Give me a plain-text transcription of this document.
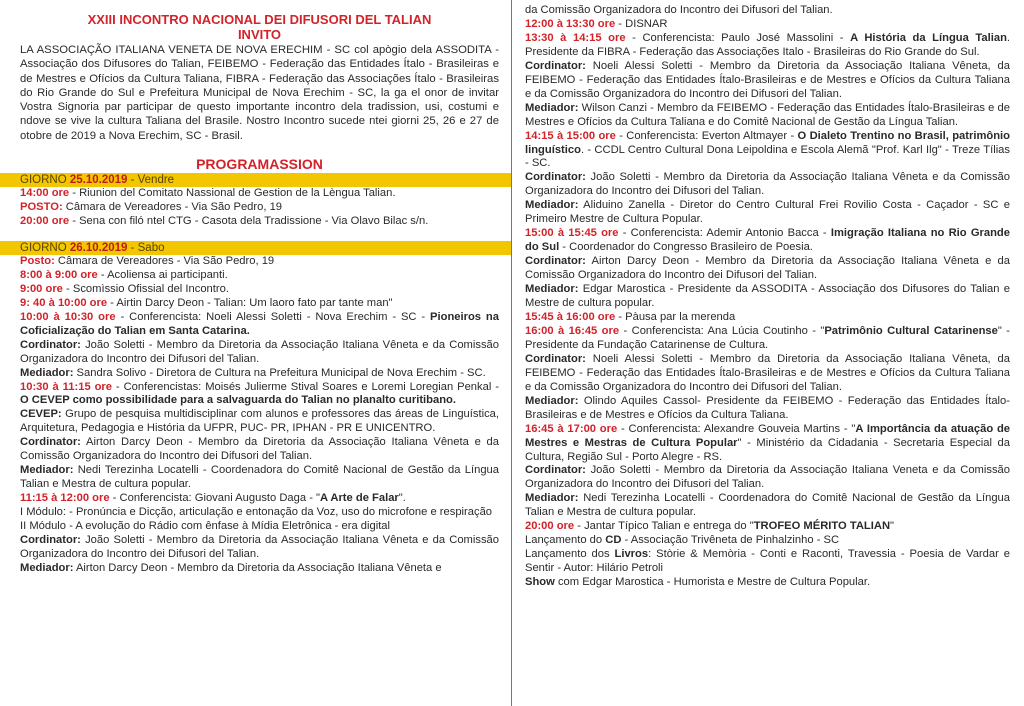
XXIII INCONTRO NACIONAL DEI DIFUSORI DEL TALIAN
INVITO
LA ASSOCIAÇÃO ITALIANA VENETA DE NOVA ERECHIM - SC col apògio dela ASSODITA - Associação dos Difusores do Talian, FEIBEMO - Federação das Entidades Ítalo - Brasileiras e de Mestres e Ofícios da Cultura Taliana, FIBRA - Federação das Associações Ítalo - Brasileiras do Rio Grande do Sul e Prefeitura Municipal de Nova Erechim - SC, la ga el onor de invitar Vostra Signoria par participar de questo importante incontro dela tradission, usi, costumi e ndove se vive la cultura Taliana del Brasile. Nostro Incontro sucede ntei giorni 25, 26 e 27 de otobre de 2019 a Nova Erechim, SC - Brasil.
PROGRAMASSION
GIORNO 25.10.2019 - Vendre
14:00 ore - Riunion del Comitato Nassional de Gestion de la Lèngua Talian.
POSTO: Câmara de Vereadores - Via São Pedro, 19
20:00 ore - Sena con filó ntel CTG - Casota dela Tradissione - Via Olavo Bilac s/n.
GIORNO 26.10.2019 - Sabo
Posto: Câmara de Vereadores - Via São Pedro, 19
8:00 à 9:00 ore - Acoliensa ai participanti.
9:00 ore - Scomìssio Ofissial del Incontro.
9: 40 à 10:00 ore - Airtin Darcy Deon - Talian: Um laoro fato par tante man"
10:00 à 10:30 ore - Conferencista: Noeli Alessi Soletti - Nova Erechim - SC - Pioneiros na Coficialização do Talian em Santa Catarina.
Cordinator: João Soletti - Membro da Diretoria da Associação Italiana Vêneta e da Comissão Organizadora do Incontro dei Difusori del Talian.
Mediador: Sandra Solivo - Diretora de Cultura na Prefeitura Municipal de Nova Erechim - SC.
10:30 à 11:15 ore - Conferencistas: Moisés Julierme Stival Soares e Loremi Loregian Penkal - O CEVEP como possibilidade para a salvaguarda do Talian no planalto curitibano.
CEVEP: Grupo de pesquisa multidisciplinar com alunos e professores das áreas de Linguística, Arquitetura, Pedagogia e História da UFPR, PUC- PR, IPHAN - PR E UNICENTRO.
Cordinator: Airton Darcy Deon - Membro da Diretoria da Associação Italiana Vêneta e da Comissão Organizadora do Incontro dei Difusori del Talian.
Mediador: Nedi Terezinha Locatelli - Coordenadora do Comitê Nacional de Gestão da Língua Talian e Mestra de cultura popular.
11:15 à 12:00 ore - Conferencista: Giovani Augusto Daga - "A Arte de Falar".
I Módulo: - Pronúncia e Dicção, articulação e entonação da Voz, uso do microfone e respiração
II Módulo - A evolução do Rádio com ênfase à Mídia Eletrônica - era digital
Cordinator: João Soletti - Membro da Diretoria da Associação Italiana Vêneta e da Comissão Organizadora do Incontro dei Difusori del Talian.
Mediador: Airton Darcy Deon - Membro da Diretoria da Associação Italiana Vêneta e
da Comissão Organizadora do Incontro dei Difusori del Talian.
12:00 à 13:30 ore - DISNAR
13:30 à 14:15 ore - Conferencista: Paulo José Massolini - A História da Língua Talian. Presidente da FIBRA - Federação das Associações Italo - Brasileiras do Rio Grande do Sul.
Cordinator: Noeli Alessi Soletti - Membro da Diretoria da Associação Italiana Vêneta, da FEIBEMO - Federação das Entidades Ítalo-Brasileiras e de Mestres e Ofícios da Cultura Taliana e da Comissão Organizadora do Incontro dei Difusori del Talian.
Mediador: Wilson Canzi - Membro da FEIBEMO - Federação das Entidades Ítalo-Brasileiras e de Mestres e Ofícios da Cultura Taliana e do Comitê Nacional de Gestão da Língua Talian.
14:15 à 15:00 ore - Conferencista: Everton Altmayer - O Dialeto Trentino no Brasil, patrimônio linguístico. - CCDL Centro Cultural Dona Leipoldina e Escola Alemã "Prof. Karl Ilg" - Treze Tílias - SC.
Cordinator: João Soletti - Membro da Diretoria da Associação Italiana Vêneta e da Comissão Organizadora do Incontro dei Difusori del Talian.
Mediador: Aliduino Zanella - Diretor do Centro Cultural Frei Rovilio Costa - Caçador - SC e Primeiro Mestre de Cultura Popular.
15:00 à 15:45 ore - Conferencista: Ademir Antonio Bacca - Imigração Italiana no Rio Grande do Sul - Coordenador do Congresso Brasileiro de Poesia.
Cordinator: Airton Darcy Deon - Membro da Diretoria da Associação Italiana Vêneta e da Comissão Organizadora do Incontro dei Difusori del Talian.
Mediador: Edgar Marostica - Presidente da ASSODITA - Associação dos Difusores do Talian e Mestre de cultura popular.
15:45 à 16:00 ore - Pàusa par la merenda
16:00 à 16:45 ore - Conferencista: Ana Lúcia Coutinho - "Patrimônio Cultural Catarinense" - Presidente da Fundação Catarinense de Cultura.
Cordinator: Noeli Alessi Soletti - Membro da Diretoria da Associação Italiana Vêneta, da FEIBEMO - Federação das Entidades Ítalo-Brasileiras e de Mestres e Ofícios da Cultura Taliana e da Comissão Organizadora do Incontro dei Difusori del Talian.
Mediador: Olindo Aquiles Cassol- Presidente da FEIBEMO - Federação das Entidades Ítalo-Brasileiras e de Mestres e Ofícios da Cultura Taliana.
16:45 à 17:00 ore - Conferencista: Alexandre Gouveia Martins - "A Importância da atuação de Mestres e Mestras de Cultura Popular" - Ministério da Cidadania - Secretaria Especial da Cultura, Região Sul - Porto Alegre - RS.
Cordinator: João Soletti - Membro da Diretoria da Associação Italiana Veneta e da Comissão Organizadora do Incontro dei Difusori del Talian.
Mediador: Nedi Terezinha Locatelli - Coordenadora do Comitê Nacional de Gestão da Língua Talian e Mestra de cultura popular.
20:00 ore - Jantar Típico Talian e entrega do "TROFEO MÉRITO TALIAN"
Lançamento do CD - Associação Trivêneta de Pinhalzinho - SC
Lançamento dos Livros: Stòrie & Memòria - Conti e Raconti, Travessia - Poesia de Vardar e Sentir - Autor: Hilário Petroli
Show com Edgar Marostica - Humorista e Mestre de Cultura Popular.
